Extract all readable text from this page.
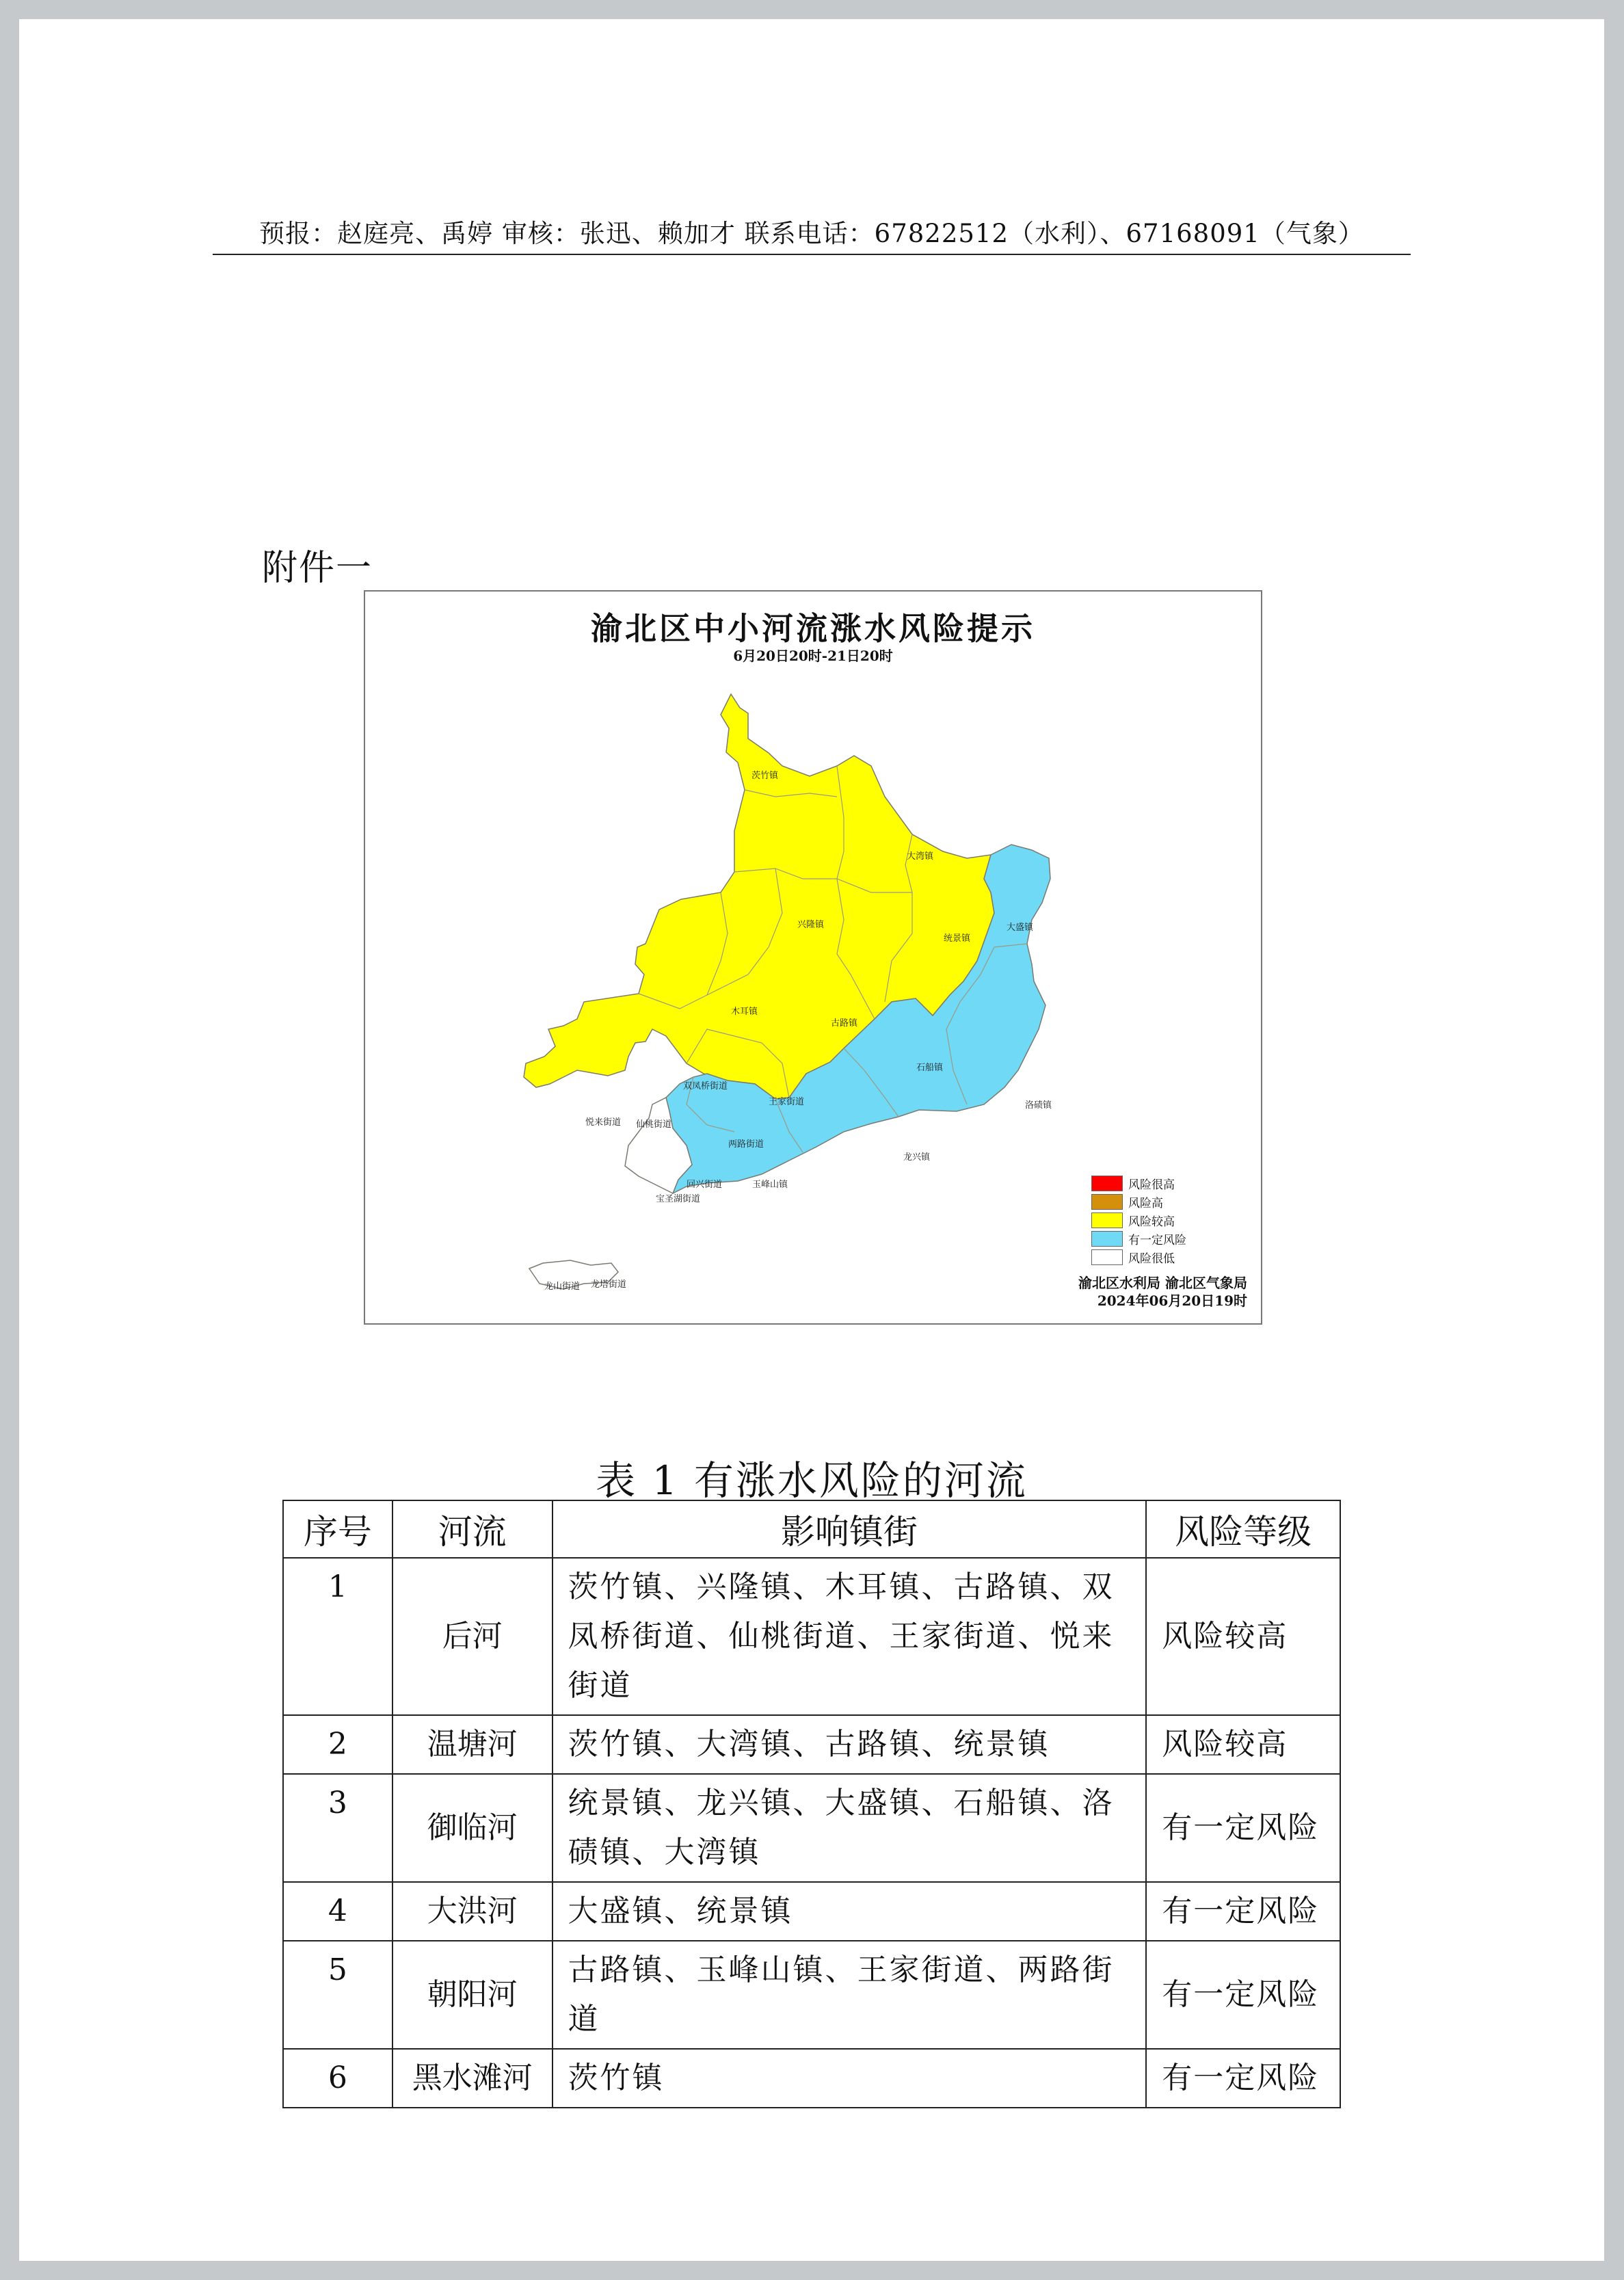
预报：赵庭亮、禹婷 审核：张迅、赖加才 联系电话：67822512（水利）、67168091（气象）
附件一
渝北区中小河流涨水风险提示
6月20日20时-21日20时
茨竹镇
大湾镇
兴隆镇
统景镇
大盛镇
木耳镇
古路镇
石船镇
双凤桥街道
王家街道	洛碛镇
悦来街道 仙桃街道
两路街道
龙兴镇
玉峰山镇
回兴街道
宝圣湖街道
龙山街道 龙塔街道
风险很高
风险高
风险较高
有一定风险
风险很低
渝北区水利局 渝北区气象局
2024年06月20日19时
表 1 有涨水风险的河流
序号	河流	影响镇街	风险等级
1	后河	茨竹镇、兴隆镇、木耳镇、古路镇、双凤桥街道、仙桃街道、王家街道、悦来街道	风险较高
2	温塘河	茨竹镇、大湾镇、古路镇、统景镇	风险较高
3	御临河	统景镇、龙兴镇、大盛镇、石船镇、洛碛镇、大湾镇	有一定风险
4	大洪河	大盛镇、统景镇	有一定风险
5	朝阳河	古路镇、玉峰山镇、王家街道、两路街道	有一定风险
6	黑水滩河	茨竹镇	有一定风险
